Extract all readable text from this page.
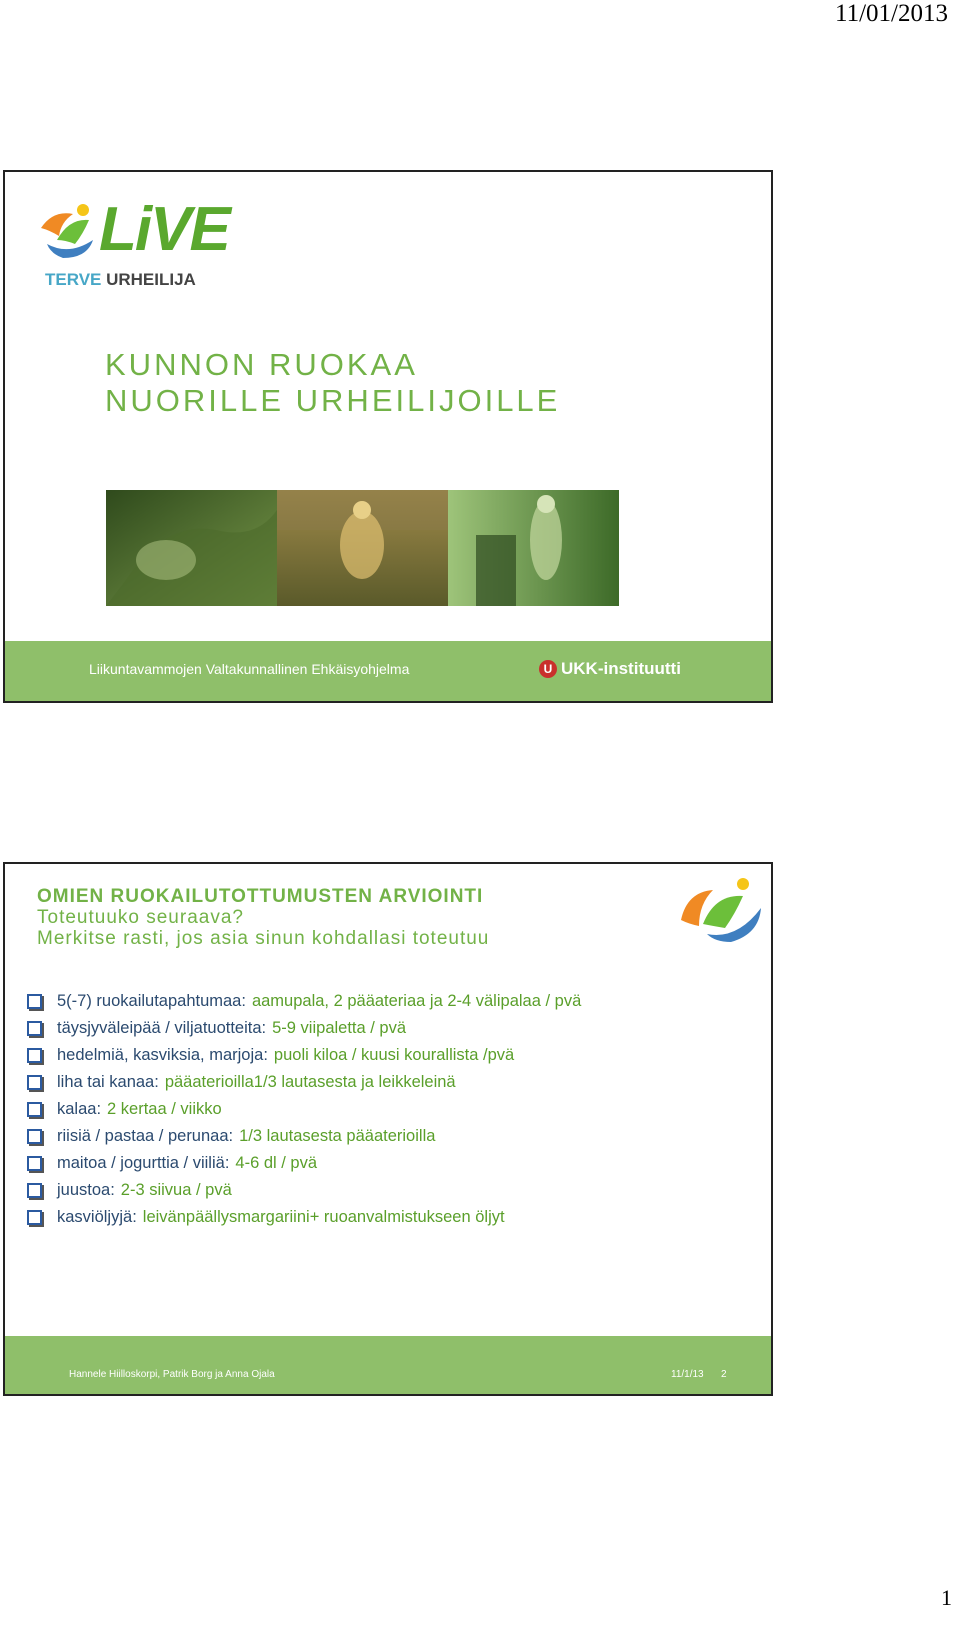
11/01/2013
LiVE
TERVE URHEILIJA
KUNNON RUOKAA
NUORILLE URHEILIJOILLE
Liikuntavammojen Valtakunnallinen Ehkäisyohjelma	U UKK-instituutti
OMIEN RUOKAILUTOTTUMUSTEN ARVIOINTI
Toteutuuko seuraava?
Merkitse rasti, jos asia sinun kohdallasi toteutuu
5(-7) ruokailutapahtumaa: aamupala, 2 pääateriaa ja 2-4 välipalaa / pvä
täysjyväleipää / viljatuotteita: 5-9 viipaletta / pvä
hedelmiä, kasviksia, marjoja: puoli kiloa / kuusi kourallista /pvä
liha tai kanaa: pääaterioilla1/3 lautasesta ja leikkeleinä
kalaa: 2 kertaa / viikko
riisiä / pastaa / perunaa: 1/3 lautasesta pääaterioilla
maitoa / jogurttia / viiliä: 4-6 dl / pvä
juustoa: 2-3 siivua / pvä
kasviöljyjä: leivänpäällysmargariini+ ruoanvalmistukseen öljyt
Hannele Hiilloskorpi, Patrik Borg ja Anna Ojala	11/1/13 2
1
